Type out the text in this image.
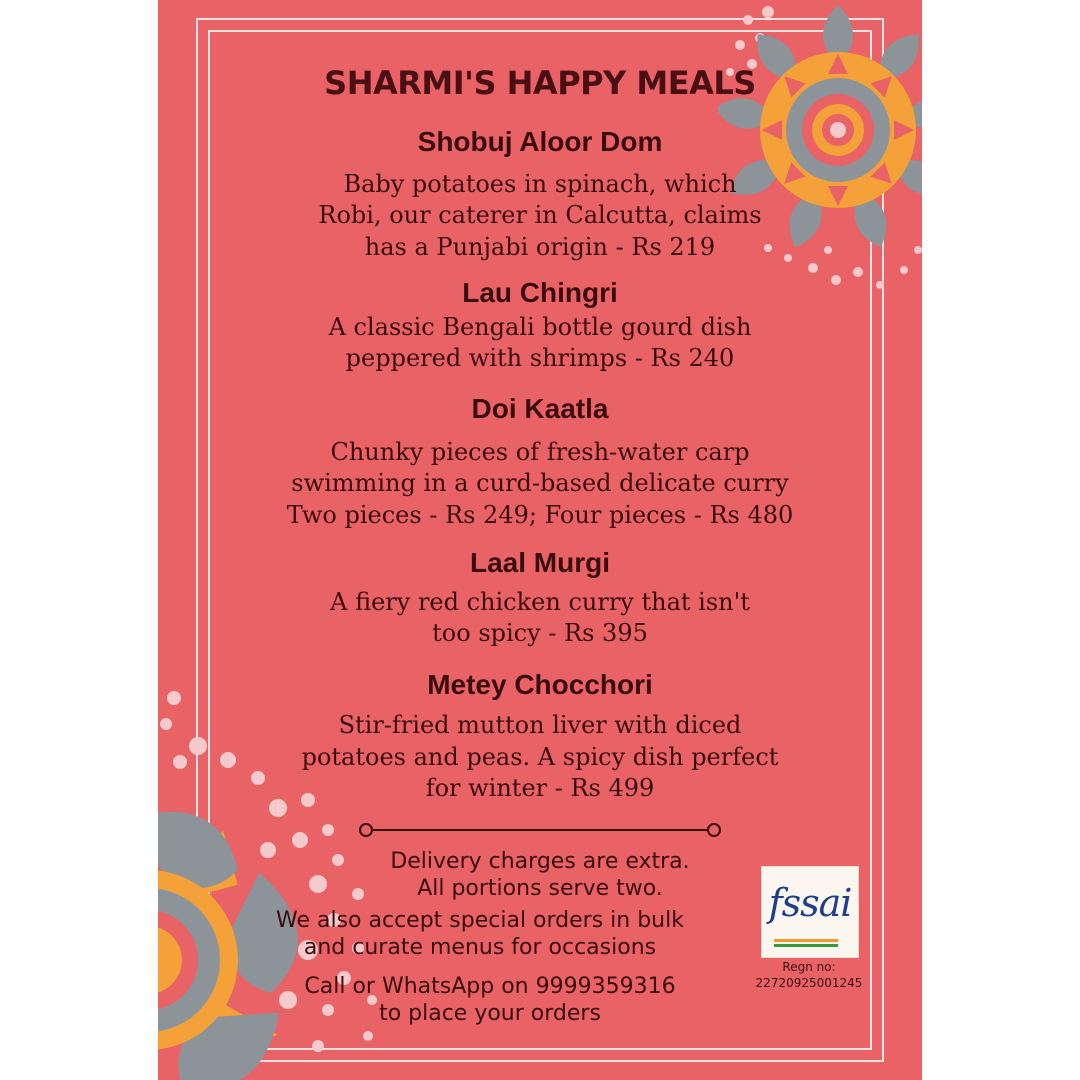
SHARMI'S HAPPY MEALS
Shobuj Aloor Dom
Baby potatoes in spinach, which
Robi, our caterer in Calcutta, claims
has a Punjabi origin - Rs 219
Lau Chingri
A classic Bengali bottle gourd dish
peppered with shrimps - Rs 240
Doi Kaatla
Chunky pieces of fresh-water carp
swimming in a curd-based delicate curry
Two pieces - Rs 249; Four pieces - Rs 480
Laal Murgi
A fiery red chicken curry that isn't
too spicy - Rs 395
Metey Chocchori
Stir-fried mutton liver with diced
potatoes and peas. A spicy dish perfect
for winter - Rs 499
Delivery charges are extra.
All portions serve two.
We also accept special orders in bulk
and curate menus for occasions
Call or WhatsApp on 9999359316
to place your orders
fssai
Regn no:
22720925001245
